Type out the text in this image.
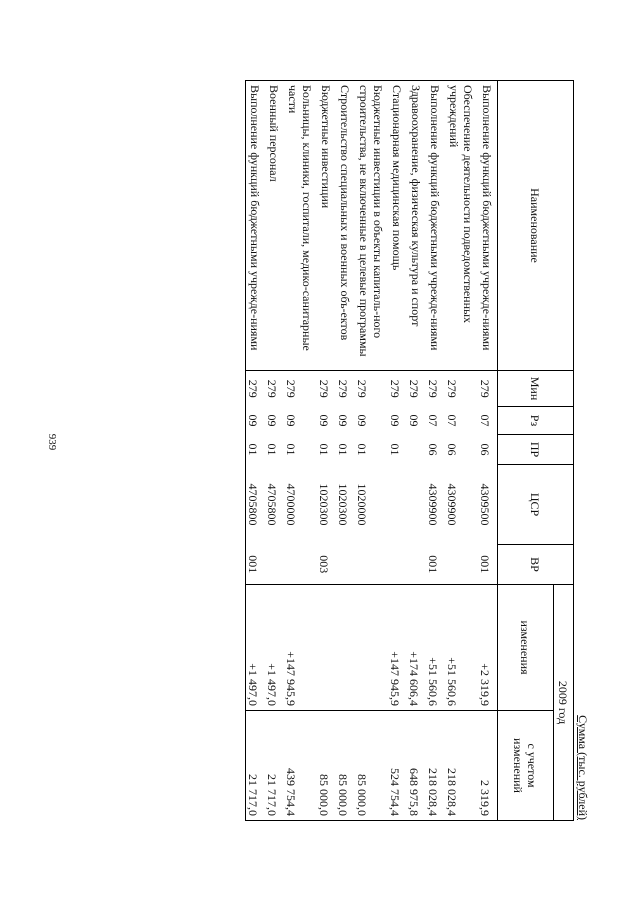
939
Сумма (тыс. рублей)
Наименование	Мин	Рз	ПР	ЦСР	ВР	2009 год	
						изменения	с учетом изменений
Выполнение функций бюджетными учрежде-ниями	279	07	06	4309500	001	+2 319,9	2 319,9
Обеспечение деятельности подведомственных учреждений	279	07	06	4309900		+51 560,6	218 028,4
Выполнение функций бюджетными учрежде-ниями	279	07	06	4309900	001	+51 560,6	218 028,4
Здравоохранение, физическая культура и спорт	279	09				+174 606,4	648 975,8
Стационарная медицинская помощь	279	09	01			+147 945,9	524 754,4
Бюджетные инвестиции в объекты капиталь-ного строительства, не включенные в целевые программы	279	09	01	1020000			85 000,0
Строительство специальных и военных объ-ектов	279	09	01	1020300			85 000,0
Бюджетные инвестиции	279	09	01	1020300	003		85 000,0
Больницы, клиники, госпитали, медико-санитарные части	279	09	01	4700000		+147 945,9	439 754,4
Военный персонал	279	09	01	4705800		+1 497,0	21 717,0
Выполнение функций бюджетными учрежде-ниями	279	09	01	4705800	001	+1 497,0	21 717,0
